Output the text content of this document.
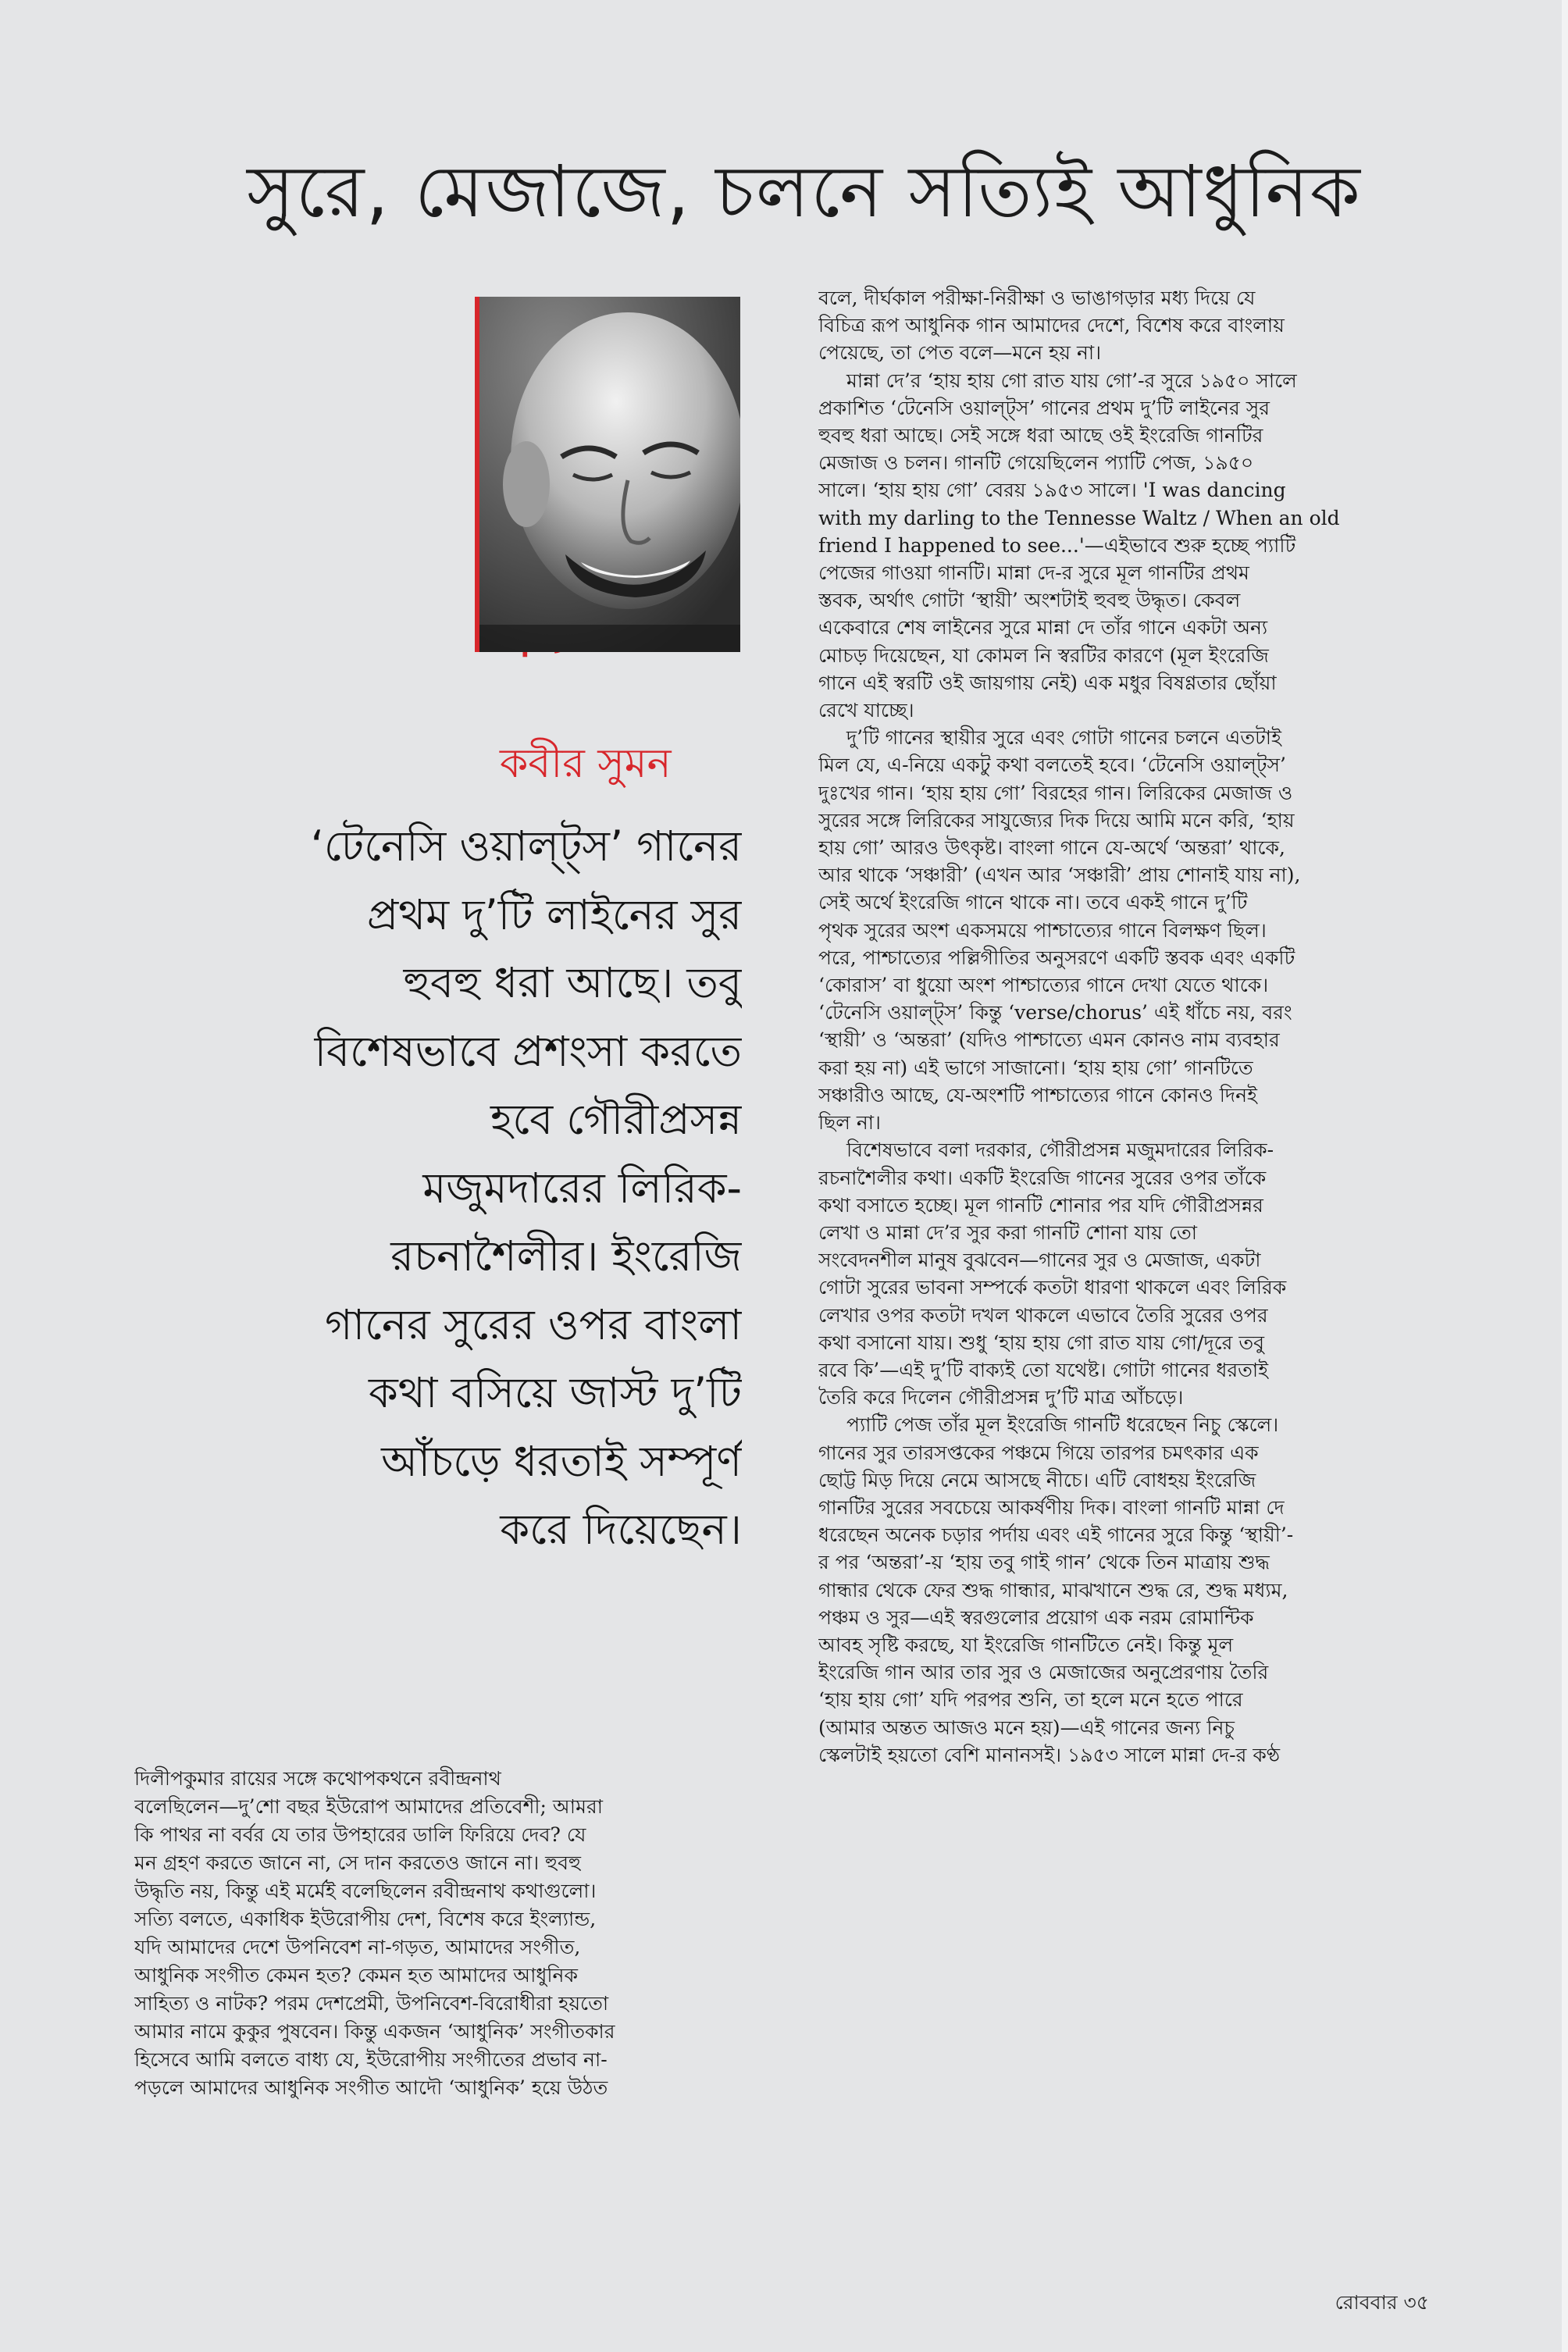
সুরে, মেজাজে, চলনে সত্যিই আধুনিক
কবীর সুমন
‘টেনেসি ওয়াল্ট্‌স’ গানের
প্রথম দু’টি লাইনের সুর
হুবহু ধরা আছে। তবু
বিশেষভাবে প্রশংসা করতে
হবে গৌরীপ্রসন্ন
মজুমদারের লিরিক-
রচনাশৈলীর। ইংরেজি
গানের সুরের ওপর বাংলা
কথা বসিয়ে জাস্ট দু’টি
আঁচড়ে ধরতাই সম্পূর্ণ
করে দিয়েছেন।
দিলীপকুমার রায়ের সঙ্গে কথোপকথনে রবীন্দ্রনাথ
বলেছিলেন—দু’শো বছর ইউরোপ আমাদের প্রতিবেশী; আমরা
কি পাথর না বর্বর যে তার উপহারের ডালি ফিরিয়ে দেব? যে
মন গ্রহণ করতে জানে না, সে দান করতেও জানে না। হুবহু
উদ্ধৃতি নয়, কিন্তু এই মর্মেই বলেছিলেন রবীন্দ্রনাথ কথাগুলো।
সত্যি বলতে, একাধিক ইউরোপীয় দেশ, বিশেষ করে ইংল্যান্ড,
যদি আমাদের দেশে উপনিবেশ না-গড়ত, আমাদের সংগীত,
আধুনিক সংগীত কেমন হত? কেমন হত আমাদের আধুনিক
সাহিত্য ও নাটক? পরম দেশপ্রেমী, উপনিবেশ-বিরোধীরা হয়তো
আমার নামে কুকুর পুষবেন। কিন্তু একজন ‘আধুনিক’ সংগীতকার
হিসেবে আমি বলতে বাধ্য যে, ইউরোপীয় সংগীতের প্রভাব না-
পড়লে আমাদের আধুনিক সংগীত আদৌ ‘আধুনিক’ হয়ে উঠত
বলে, দীর্ঘকাল পরীক্ষা-নিরীক্ষা ও ভাঙাগড়ার মধ্য দিয়ে যে
বিচিত্র রূপ আধুনিক গান আমাদের দেশে, বিশেষ করে বাংলায়
পেয়েছে, তা পেত বলে—মনে হয় না।
মান্না দে’র ‘হায় হায় গো রাত যায় গো’-র সুরে ১৯৫০ সালে
প্রকাশিত ‘টেনেসি ওয়াল্ট্‌স’ গানের প্রথম দু’টি লাইনের সুর
হুবহু ধরা আছে। সেই সঙ্গে ধরা আছে ওই ইংরেজি গানটির
মেজাজ ও চলন। গানটি গেয়েছিলেন প্যাটি পেজ, ১৯৫০
সালে। ‘হায় হায় গো’ বেরয় ১৯৫৩ সালে। 'I was dancing
with my darling to the Tennesse Waltz / When an old
friend I happened to see...'—এইভাবে শুরু হচ্ছে প্যাটি
পেজের গাওয়া গানটি। মান্না দে-র সুরে মূল গানটির প্রথম
স্তবক, অর্থাৎ গোটা ‘স্থায়ী’ অংশটাই হুবহু উদ্ধৃত। কেবল
একেবারে শেষ লাইনের সুরে মান্না দে তাঁর গানে একটা অন্য
মোচড় দিয়েছেন, যা কোমল নি স্বরটির কারণে (মূল ইংরেজি
গানে এই স্বরটি ওই জায়গায় নেই) এক মধুর বিষণ্ণতার ছোঁয়া
রেখে যাচ্ছে।
দু’টি গানের স্থায়ীর সুরে এবং গোটা গানের চলনে এতটাই
মিল যে, এ-নিয়ে একটু কথা বলতেই হবে। ‘টেনেসি ওয়াল্ট্‌স’
দুঃখের গান। ‘হায় হায় গো’ বিরহের গান। লিরিকের মেজাজ ও
সুরের সঙ্গে লিরিকের সাযুজ্যের দিক দিয়ে আমি মনে করি, ‘হায়
হায় গো’ আরও উৎকৃষ্ট। বাংলা গানে যে-অর্থে ‘অন্তরা’ থাকে,
আর থাকে ‘সঞ্চারী’ (এখন আর ‘সঞ্চারী’ প্রায় শোনাই যায় না),
সেই অর্থে ইংরেজি গানে থাকে না। তবে একই গানে দু’টি
পৃথক সুরের অংশ একসময়ে পাশ্চাত্যের গানে বিলক্ষণ ছিল।
পরে, পাশ্চাত্যের পল্লিগীতির অনুসরণে একটি স্তবক এবং একটি
‘কোরাস’ বা ধুয়ো অংশ পাশ্চাত্যের গানে দেখা যেতে থাকে।
‘টেনেসি ওয়াল্ট্‌স’ কিন্তু ‘verse/chorus’ এই ধাঁচে নয়, বরং
‘স্থায়ী’ ও ‘অন্তরা’ (যদিও পাশ্চাত্যে এমন কোনও নাম ব্যবহার
করা হয় না) এই ভাগে সাজানো। ‘হায় হায় গো’ গানটিতে
সঞ্চারীও আছে, যে-অংশটি পাশ্চাত্যের গানে কোনও দিনই
ছিল না।
বিশেষভাবে বলা দরকার, গৌরীপ্রসন্ন মজুমদারের লিরিক-
রচনাশৈলীর কথা। একটি ইংরেজি গানের সুরের ওপর তাঁকে
কথা বসাতে হচ্ছে। মূল গানটি শোনার পর যদি গৌরীপ্রসন্নর
লেখা ও মান্না দে’র সুর করা গানটি শোনা যায় তো
সংবেদনশীল মানুষ বুঝবেন—গানের সুর ও মেজাজ, একটা
গোটা সুরের ভাবনা সম্পর্কে কতটা ধারণা থাকলে এবং লিরিক
লেখার ওপর কতটা দখল থাকলে এভাবে তৈরি সুরের ওপর
কথা বসানো যায়। শুধু ‘হায় হায় গো রাত যায় গো/দূরে তবু
রবে কি’—এই দু’টি বাক্যই তো যথেষ্ট। গোটা গানের ধরতাই
তৈরি করে দিলেন গৌরীপ্রসন্ন দু’টি মাত্র আঁচড়ে।
প্যাটি পেজ তাঁর মূল ইংরেজি গানটি ধরেছেন নিচু স্কেলে।
গানের সুর তারসপ্তকের পঞ্চমে গিয়ে তারপর চমৎকার এক
ছোট্ট মিড় দিয়ে নেমে আসছে নীচে। এটি বোধহয় ইংরেজি
গানটির সুরের সবচেয়ে আকর্ষণীয় দিক। বাংলা গানটি মান্না দে
ধরেছেন অনেক চড়ার পর্দায় এবং এই গানের সুরে কিন্তু ‘স্থায়ী’-
র পর ‘অন্তরা’-য় ‘হায় তবু গাই গান’ থেকে তিন মাত্রায় শুদ্ধ
গান্ধার থেকে ফের শুদ্ধ গান্ধার, মাঝখানে শুদ্ধ রে, শুদ্ধ মধ্যম,
পঞ্চম ও সুর—এই স্বরগুলোর প্রয়োগ এক নরম রোমান্টিক
আবহ সৃষ্টি করছে, যা ইংরেজি গানটিতে নেই। কিন্তু মূল
ইংরেজি গান আর তার সুর ও মেজাজের অনুপ্রেরণায় তৈরি
‘হায় হায় গো’ যদি পরপর শুনি, তা হলে মনে হতে পারে
(আমার অন্তত আজও মনে হয়)—এই গানের জন্য নিচু
স্কেলটাই হয়তো বেশি মানানসই। ১৯৫৩ সালে মান্না দে-র কণ্ঠ
রোববার ৩৫
